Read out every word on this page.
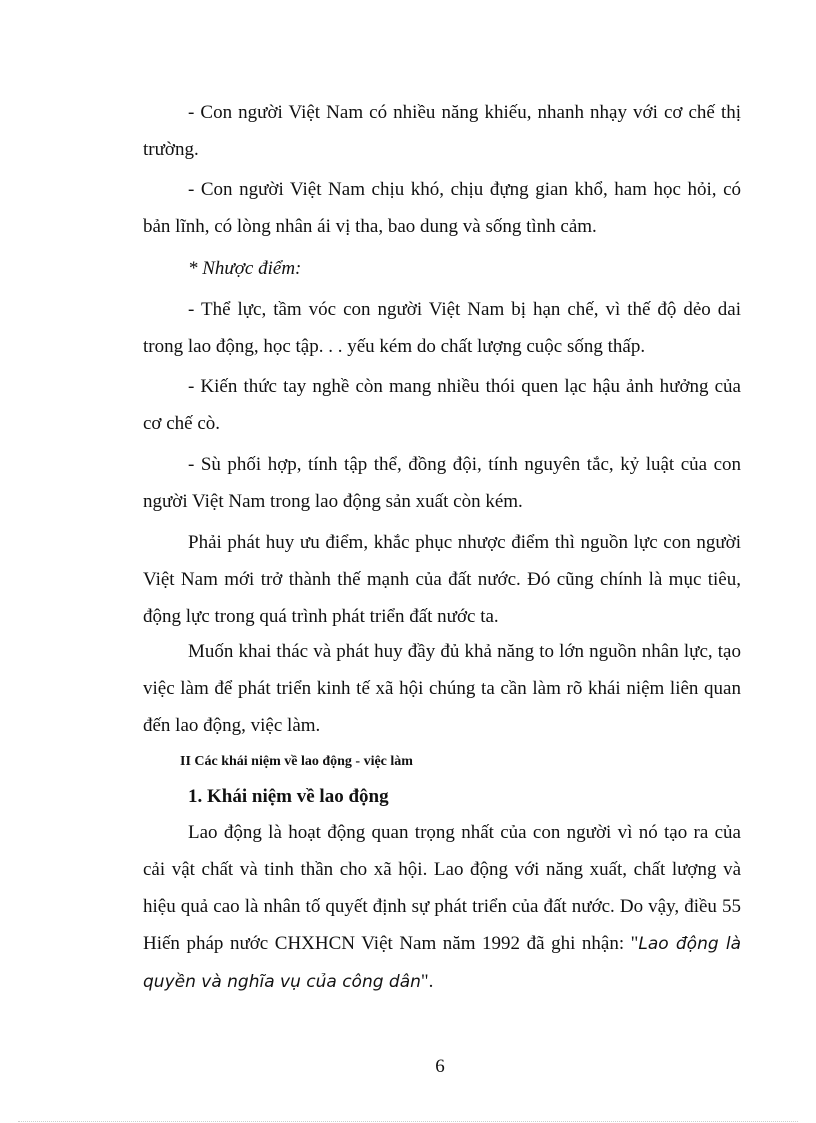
- Con người Việt Nam có nhiều năng khiếu, nhanh nhạy với cơ chế thị trường.

- Con người Việt Nam chịu khó, chịu đựng gian khổ, ham học hỏi, có bản lĩnh, có lòng nhân ái vị tha, bao dung và sống tình cảm.

* Nhược điểm:

- Thể lực, tầm vóc con người Việt Nam bị hạn chế, vì thế độ dẻo dai trong lao động, học tập. . . yếu kém do chất lượng cuộc sống thấp.

- Kiến thức tay nghề còn mang nhiều thói quen lạc hậu ảnh hưởng của cơ chế cò.

- Sù phối hợp, tính tập thể, đồng đội, tính nguyên tắc, kỷ luật của con người Việt Nam trong lao động sản xuất còn kém.

Phải phát huy ưu điểm, khắc phục nhược điểm thì nguồn lực con người Việt Nam mới trở thành thế mạnh của đất nước. Đó cũng chính là mục tiêu, động lực trong quá trình phát triển đất nước ta.

Muốn khai thác và phát huy đầy đủ khả năng to lớn nguồn nhân lực, tạo việc làm để phát triển kinh tế xã hội chúng ta cần làm rõ khái niệm liên quan đến lao động, việc làm.

II Các khái niệm về lao động - việc làm
1. Khái niệm về lao động

Lao động là hoạt động quan trọng nhất của con người vì nó tạo ra của cải vật chất và tinh thần cho xã hội. Lao động với năng xuất, chất lượng và hiệu quả cao là nhân tố quyết định sự phát triển của đất nước. Do vậy, điều 55 Hiến pháp nước CHXHCN Việt Nam năm 1992 đã ghi nhận: "Lao động là quyền và nghĩa vụ của công dân".

6
